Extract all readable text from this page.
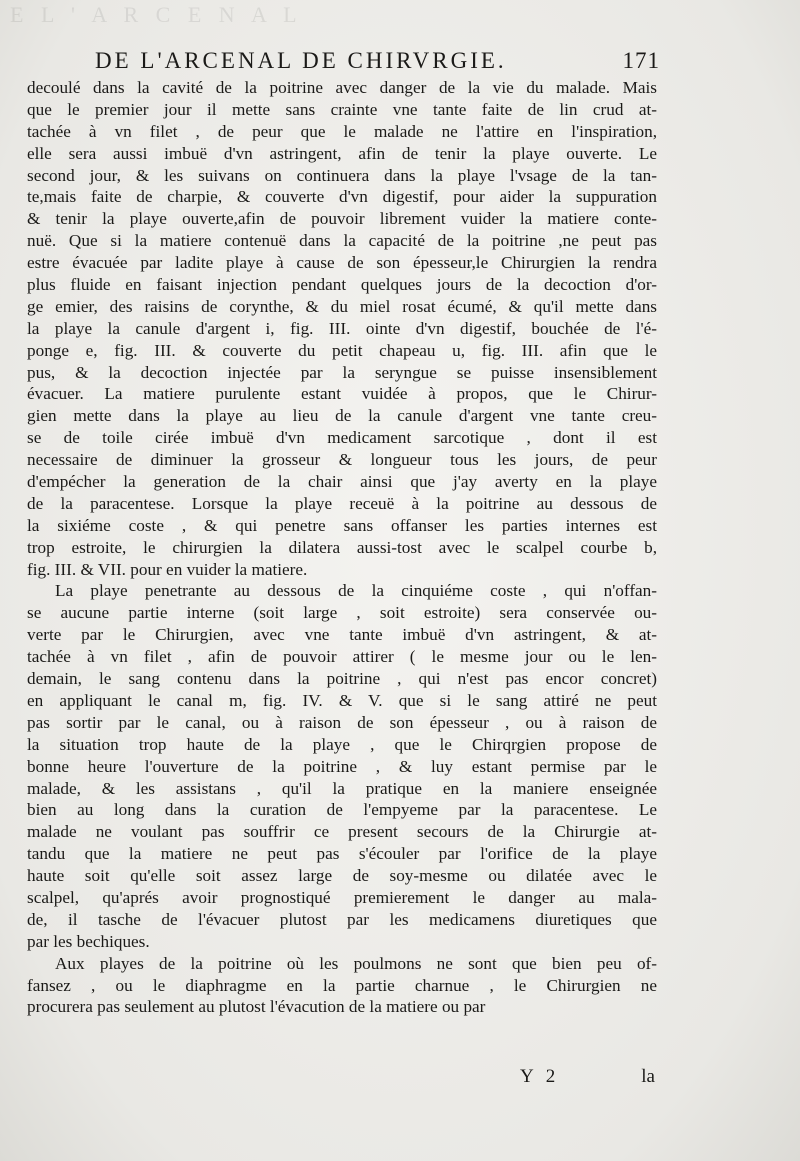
E L ' A R C E N A L
DE L'ARCENAL DE CHIRVRGIE.	171
decoulé dans la cavité de la poitrine avec danger de la vie du malade. Mais
que le premier jour il mette sans crainte vne tante faite de lin crud at-
tachée à vn filet , de peur que le malade ne l'attire en l'inspiration,
elle sera aussi imbuë d'vn astringent, afin de tenir la playe ouverte. Le
second jour, & les suivans on continuera dans la playe l'vsage de la tan-
te,mais faite de charpie, & couverte d'vn digestif, pour aider la suppuration
& tenir la playe ouverte,afin de pouvoir librement vuider la matiere conte-
nuë. Que si la matiere contenuë dans la capacité de la poitrine ,ne peut pas
estre évacuée par ladite playe à cause de son épesseur,le Chirurgien la rendra
plus fluide en faisant injection pendant quelques jours de la decoction d'or-
ge emier, des raisins de corynthe, & du miel rosat écumé, & qu'il mette dans
la playe la canule d'argent i, fig. III. ointe d'vn digestif, bouchée de l'é-
ponge e, fig. III. & couverte du petit chapeau u, fig. III. afin que le
pus, & la decoction injectée par la seryngue se puisse insensiblement
évacuer. La matiere purulente estant vuidée à propos, que le Chirur-
gien mette dans la playe au lieu de la canule d'argent vne tante creu-
se de toile cirée imbuë d'vn medicament sarcotique , dont il est
necessaire de diminuer la grosseur & longueur tous les jours, de peur
d'empécher la generation de la chair ainsi que j'ay averty en la playe
de la paracentese. Lorsque la playe receuë à la poitrine au dessous de
la sixiéme coste , & qui penetre sans offanser les parties internes est
trop estroite, le chirurgien la dilatera aussi-tost avec le scalpel courbe b,
fig. III. & VII. pour en vuider la matiere.
La playe penetrante au dessous de la cinquiéme coste , qui n'offan-
se aucune partie interne (soit large , soit estroite) sera conservée ou-
verte par le Chirurgien, avec vne tante imbuë d'vn astringent, & at-
tachée à vn filet , afin de pouvoir attirer ( le mesme jour ou le len-
demain, le sang contenu dans la poitrine , qui n'est pas encor concret)
en appliquant le canal m, fig. IV. & V. que si le sang attiré ne peut
pas sortir par le canal, ou à raison de son épesseur , ou à raison de
la situation trop haute de la playe , que le Chirqrgien propose de
bonne heure l'ouverture de la poitrine , & luy estant permise par le
malade, & les assistans , qu'il la pratique en la maniere enseignée
bien au long dans la curation de l'empyeme par la paracentese. Le
malade ne voulant pas souffrir ce present secours de la Chirurgie at-
tandu que la matiere ne peut pas s'écouler par l'orifice de la playe
haute soit qu'elle soit assez large de soy-mesme ou dilatée avec le
scalpel, qu'aprés avoir prognostiqué premierement le danger au mala-
de, il tasche de l'évacuer plutost par les medicamens diuretiques que
par les bechiques.
Aux playes de la poitrine où les poulmons ne sont que bien peu of-
fansez , ou le diaphragme en la partie charnue , le Chirurgien ne
procurera pas seulement au plutost l'évacution de la matiere ou par
Y 2	la
